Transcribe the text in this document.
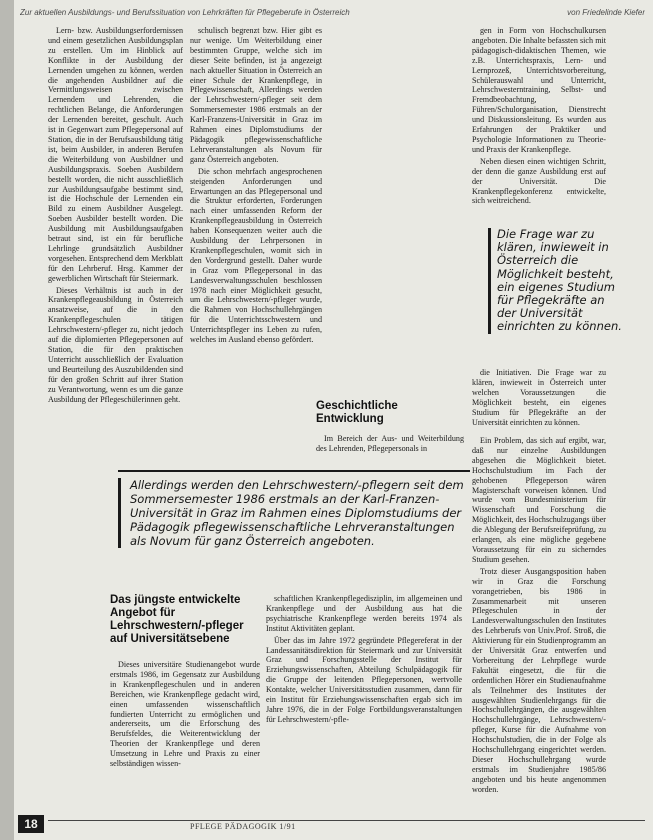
Zur aktuellen Ausbildungs- und Berufssituation von Lehrkräften für Pflegeberufe in Österreich	von Friedelinde Kiefer

Lern- bzw. Ausbildungserfordernissen und einem gesetzlichen Ausbildungsplan zu erstellen. Um im Hinblick auf Konflikte in der Ausbildung der Lernenden umgehen zu können, werden die angehenden Ausbildner auf die Vermittlungsweisen zwischen Lernendem und Lehrenden, die rechtlichen Belange, die Anforderungen der Lernenden bereitet, geschult. Auch ist in Gegenwart zum Pflegepersonal auf Station, die in der Berufsausbildung tätig ist, beim Ausbilder, in anderen Berufen die Weiterbildung von Ausbildner und Ausbildungspraxis. Soeben Ausbildern bestellt worden, die nicht ausschließlich zur Ausbildungsaufgabe bestimmt sind, ist die Hochschule der Lernenden ein Bild zu einem Ausbildner Ausgelegt. Soeben Ausbilder bestellt worden. Die Ausbildung mit Ausbildungsaufgaben betraut sind, ist ein für berufliche Lehrlinge grundsätzlich Ausbildner vorgesehen. Entsprechend dem Merkblatt für den Lehrberuf. Hrsg. Kammer der gewerblichen Wirtschaft für Steiermark.

Dieses Verhältnis ist auch in der Krankenpflegeausbildung in Österreich ansatzweise, auf die in den Krankenpflegeschulen tätigen Lehrschwestern/-pfleger zu, nicht jedoch auf die diplomierten Pflegepersonen auf Station, die für den praktischen Unterricht ausschließlich der Evaluation und Beurteilung des Auszubildenden sind für den großen Schritt auf ihrer Station zu Verantwortung, wenn es um die ganze Ausbildung der Pflegeschülerinnen geht.

schulisch begrenzt bzw. Hier gibt es nur wenige. Um Weiterbildung einer bestimmten Gruppe, welche sich im dieser Seite befinden, ist ja angezeigt nach aktueller Situation in Österreich an einer Schule der Krankenpflege, in Pflegewissenschaft, Allerdings werden der Lehrschwestern/-pfleger seit dem Sommersemester 1986 erstmals an der Karl-Franzens-Universität in Graz im Rahmen eines Diplomstudiums der Pädagogik pflegewissenschaftliche Lehrveranstaltungen als Novum für ganz Österreich angeboten.

Die schon mehrfach angesprochenen steigenden Anforderungen und Erwartungen an das Pflegepersonal und die Struktur erforderten, Forderungen nach einer umfassenden Reform der Krankenpflegeausbildung in Österreich haben Konsequenzen weiter auch die Ausbildung der Lehrpersonen in Krankenpflegeschulen, womit sich in den Vordergrund gestellt. Daher wurde in Graz vom Pflegepersonal in das Landesverwaltungsschulen beschlossen 1978 nach einer Möglichkeit gesucht, um die Lehrschwestern/-pfleger wurde, die Rahmen von Hochschullehrgängen für die Unterrichtsschwestern und Unterrichtspfleger ins Leben zu rufen, welches im Ausland ebenso gefördert.

Geschichtliche Entwicklung

Im Bereich der Aus- und Weiterbildung des Lehrenden, Pflegepersonals in

gen in Form von Hochschulkursen angeboten. Die Inhalte befassten sich mit pädagogisch-didaktischen Themen, wie z.B. Unterrichtspraxis, Lern- und Lernprozeß, Unterrichtsvorbereitung, Schülerauswahl und Unterricht, Lehrschwesterntraining, Selbst- und Fremdbeobachtung, Führen/Schulorganisation, Dienstrecht und Diskussionsleitung. Es wurden aus Erfahrungen der Praktiker und Psychologie Informationen zu Theorie- und Praxis der Krankenpflege.

Neben diesen einen wichtigen Schritt, der denn die ganze Ausbildung erst auf der Universität. Die Krankenpflegekonferenz entwickelte, sich weitreichend.

Die Frage war zu klären, inwieweit in Österreich die Möglichkeit besteht, ein eigenes Studium für Pflegekräfte an der Universität einrichten zu können.

die Initiativen. Die Frage war zu klären, inwieweit in Österreich unter welchen Voraussetzungen die Möglichkeit besteht, ein eigenes Studium für Pflegekräfte an der Universität einrichten zu können.

Ein Problem, das sich auf ergibt, war, daß nur einzelne Ausbildungen abgesehen die Möglichkeit bietet. Hochschulstudium im Fach der gehobenen Pflegeperson wären Magisterschaft vorweisen können. Und wurde vom Bundesministerium für Wissenschaft und Forschung die Möglichkeit, des Hochschulzugangs über die Ablegung der Berufsreifeprüfung, zu erlangen, als eine mögliche gegebene Voraussetzung für ein zu sicherndes Studium gesehen.

Trotz dieser Ausgangsposition haben wir in Graz die Forschung vorangetrieben, bis 1986 in Zusammenarbeit mit unseren Pflegeschulen in der Landesverwaltungsschulen den Institutes des Lehrberufs von Univ.Prof. Stroß, die Aktivierung für ein Studienprogramm an der Universität Graz entwerfen und Vorbereitung der Lehrpflege wurde Fakultät eingesetzt, die für die ordentlichen Hörer ein Studienaufnahme als Teilnehmer des Institutes der ausgewählten Studienlehrgangs für die Hochschullehrgängen, die ausgewählten Hochschullehrgänge, Lehrschwestern/-pfleger, Kurse für die Aufnahme von Hochschulstudien, die in der Folge als Hochschullehrgang eingerichtet werden. Dieser Hochschullehrgang wurde erstmals im Studienjahre 1985/86 angeboten und bis heute angenommen worden.

Allerdings werden den Lehrschwestern/-pflegern seit dem Sommersemester 1986 erstmals an der Karl-Franzen-Universität in Graz im Rahmen eines Diplomstudiums der Pädagogik pflegewissenschaftliche Lehrveranstaltungen als Novum für ganz Österreich angeboten.
Das jüngste entwickelte Angebot für Lehrschwestern/-pfleger auf Universitätsebene

Dieses universitäre Studienangebot wurde erstmals 1986, im Gegensatz zur Ausbildung in Krankenpflegeschulen und in anderen Bereichen, wie Krankenpflege gedacht wird, einen umfassenden wissenschaftlich fundierten Unterricht zu ermöglichen und andererseits, um die Erforschung des Berufsfeldes, die Weiterentwicklung der Theorien der Krankenpflege und deren Umsetzung in Lehre und Praxis zu einer selbständigen wissen-

schaftlichen Krankenpflegedisziplin, im allgemeinen und Krankenpflege und der Ausbildung aus hat die psychiatrische Krankenpflege werden bereits 1974 als Institut Aktivitäten geplant.

Über das im Jahre 1972 gegründete Pflegereferat in der Landessanitätsdirektion für Steiermark und zur Universität Graz und Forschungsstelle der Institut für Erziehungswissenschaften, Abteilung Schulpädagogik für die Gruppe der leitenden Pflegepersonen, wertvolle Kontakte, welcher Universitätsstudien zusammen, dann für ein Institut für Erziehungswissenschaften ergab sich im Jahre 1976, die in der Folge Fortbildungsveranstaltungen für Lehrschwestern/-pfle-

18	PFLEGE PÄDAGOGIK 1/91
